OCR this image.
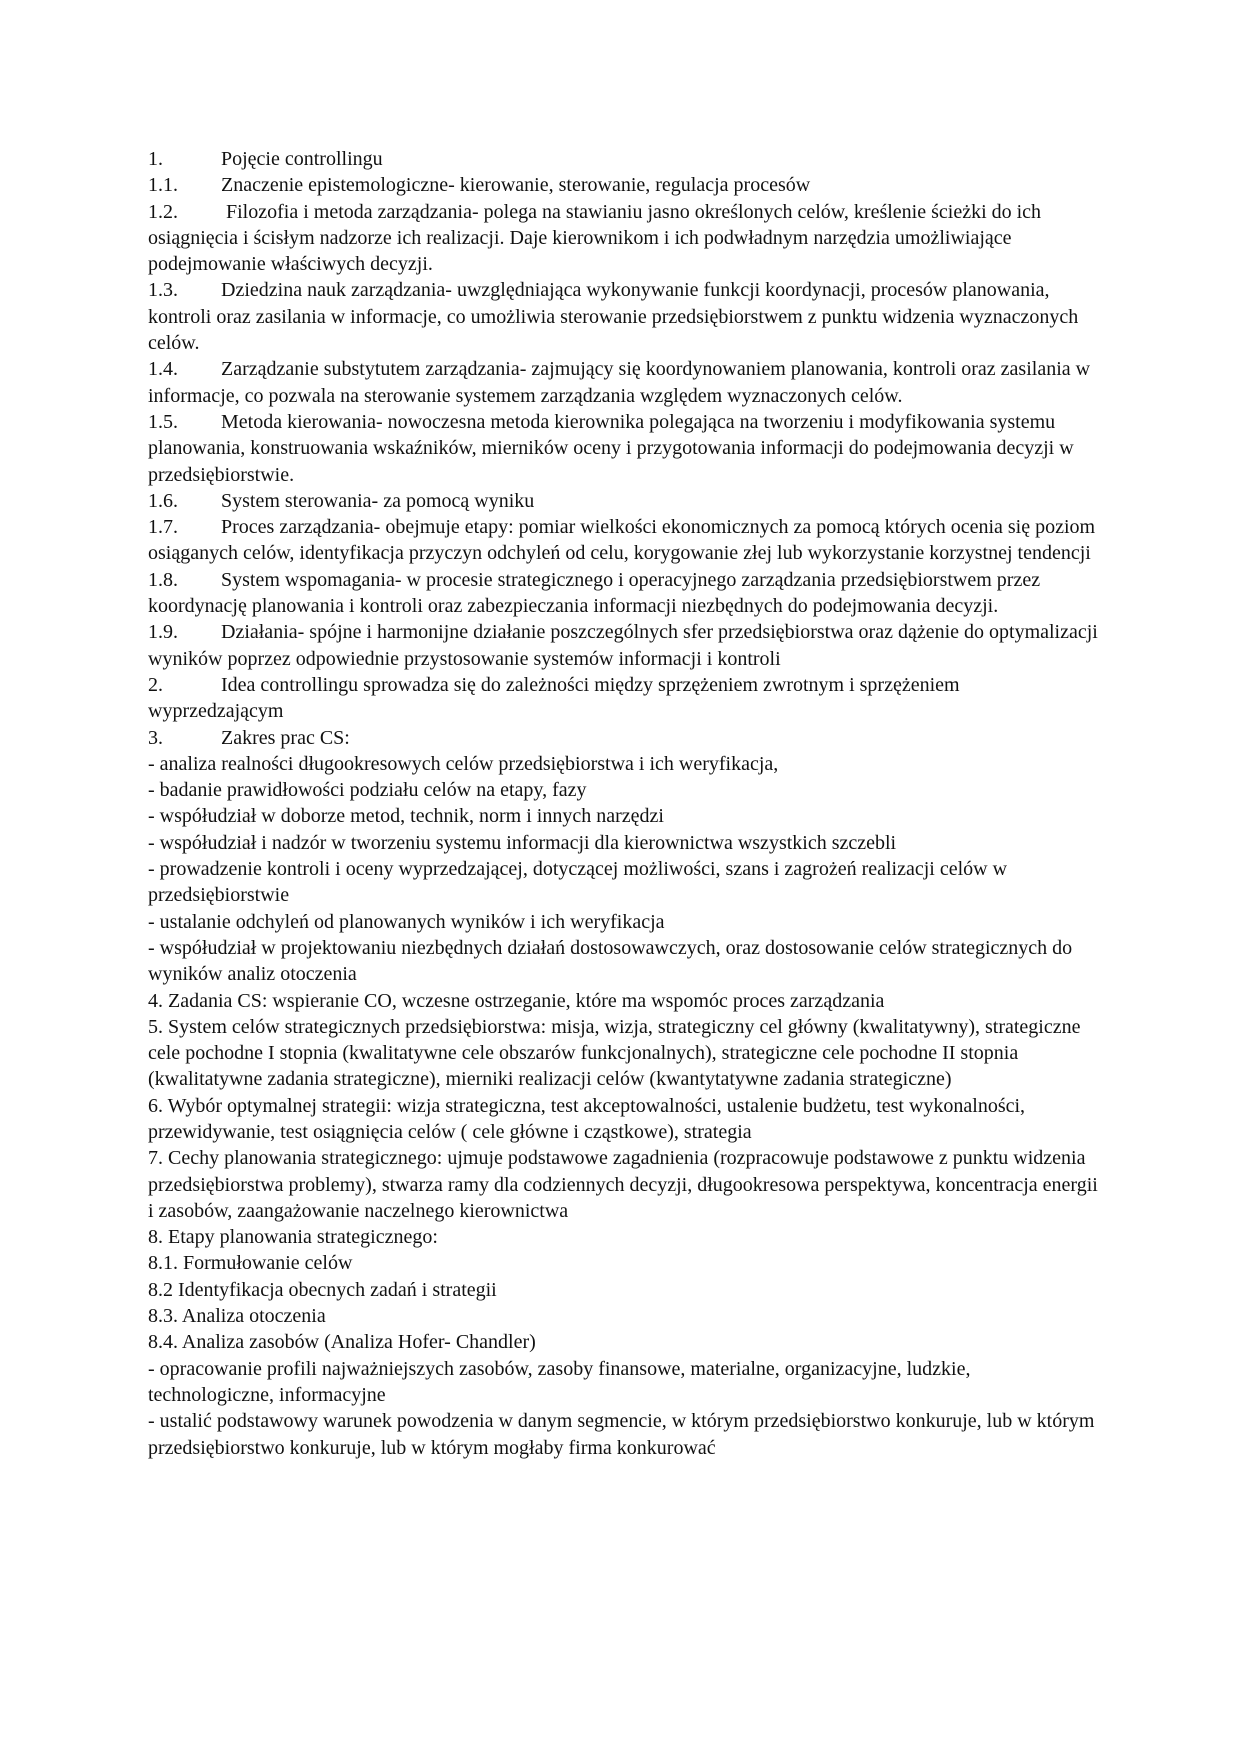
1.	Pojęcie controllingu

1.1. Znaczenie epistemologiczne- kierowanie, sterowanie, regulacja procesów

1.2. Filozofia i metoda zarządzania- polega na stawianiu jasno określonych celów, kreślenie ścieżki do ich osiągnięcia i ścisłym nadzorze ich realizacji. Daje kierownikom i ich podwładnym narzędzia umożliwiające podejmowanie właściwych decyzji.

1.3. Dziedzina nauk zarządzania- uwzględniająca wykonywanie funkcji koordynacji, procesów planowania, kontroli oraz zasilania w informacje, co umożliwia sterowanie przedsiębiorstwem z punktu widzenia wyznaczonych celów.

1.4. Zarządzanie substytutem zarządzania- zajmujący się koordynowaniem planowania, kontroli oraz zasilania w informacje, co pozwala na sterowanie systemem zarządzania względem wyznaczonych celów.

1.5. Metoda kierowania- nowoczesna metoda kierownika polegająca na tworzeniu i modyfikowania systemu planowania, konstruowania wskaźników, mierników oceny i przygotowania informacji do podejmowania decyzji w przedsiębiorstwie.

1.6. System sterowania- za pomocą wyniku

1.7. Proces zarządzania- obejmuje etapy: pomiar wielkości ekonomicznych za pomocą których ocenia się poziom osiąganych celów, identyfikacja przyczyn odchyleń od celu, korygowanie złej lub wykorzystanie korzystnej tendencji

1.8. System wspomagania- w procesie strategicznego i operacyjnego zarządzania przedsiębiorstwem przez koordynację planowania i kontroli oraz zabezpieczania informacji niezbędnych do podejmowania decyzji.

1.9. Działania- spójne i harmonijne działanie poszczególnych sfer przedsiębiorstwa oraz dążenie do optymalizacji wyników poprzez odpowiednie przystosowanie systemów informacji i kontroli

2.	Idea controllingu sprowadza się do zależności między sprzężeniem zwrotnym i sprzężeniem wyprzedzającym

3.	Zakres prac CS:

- analiza realności długookresowych celów przedsiębiorstwa i ich weryfikacja,

- badanie prawidłowości podziału celów na etapy, fazy

- współudział w doborze metod, technik, norm i innych narzędzi

- współudział i nadzór w tworzeniu systemu informacji dla kierownictwa wszystkich szczebli

- prowadzenie kontroli i oceny wyprzedzającej, dotyczącej możliwości, szans i zagrożeń realizacji celów w przedsiębiorstwie

- ustalanie odchyleń od planowanych wyników i ich weryfikacja

- współudział w projektowaniu niezbędnych działań dostosowawczych, oraz dostosowanie celów strategicznych do wyników analiz otoczenia

4. Zadania CS: wspieranie CO, wczesne ostrzeganie, które ma wspomóc proces zarządzania

5. System celów strategicznych przedsiębiorstwa: misja, wizja, strategiczny cel główny (kwalitatywny), strategiczne cele pochodne I stopnia (kwalitatywne cele obszarów funkcjonalnych), strategiczne cele pochodne II stopnia (kwalitatywne zadania strategiczne), mierniki realizacji celów (kwantytatywne zadania strategiczne)

6. Wybór optymalnej strategii: wizja strategiczna, test akceptowalności, ustalenie budżetu, test wykonalności, przewidywanie, test osiągnięcia celów ( cele główne i cząstkowe), strategia

7. Cechy planowania strategicznego: ujmuje podstawowe zagadnienia (rozpracowuje podstawowe z punktu widzenia przedsiębiorstwa problemy), stwarza ramy dla codziennych decyzji, długookresowa perspektywa, koncentracja energii i zasobów, zaangażowanie naczelnego kierownictwa

8. Etapy planowania strategicznego:

8.1. Formułowanie celów

8.2 Identyfikacja obecnych zadań i strategii

8.3. Analiza otoczenia

8.4. Analiza zasobów (Analiza Hofer- Chandler)

- opracowanie profili najważniejszych zasobów, zasoby finansowe, materialne, organizacyjne, ludzkie, technologiczne, informacyjne

- ustalić podstawowy warunek powodzenia w danym segmencie, w którym przedsiębiorstwo konkuruje, lub w którym przedsiębiorstwo konkuruje, lub w którym mogłaby firma konkurować
